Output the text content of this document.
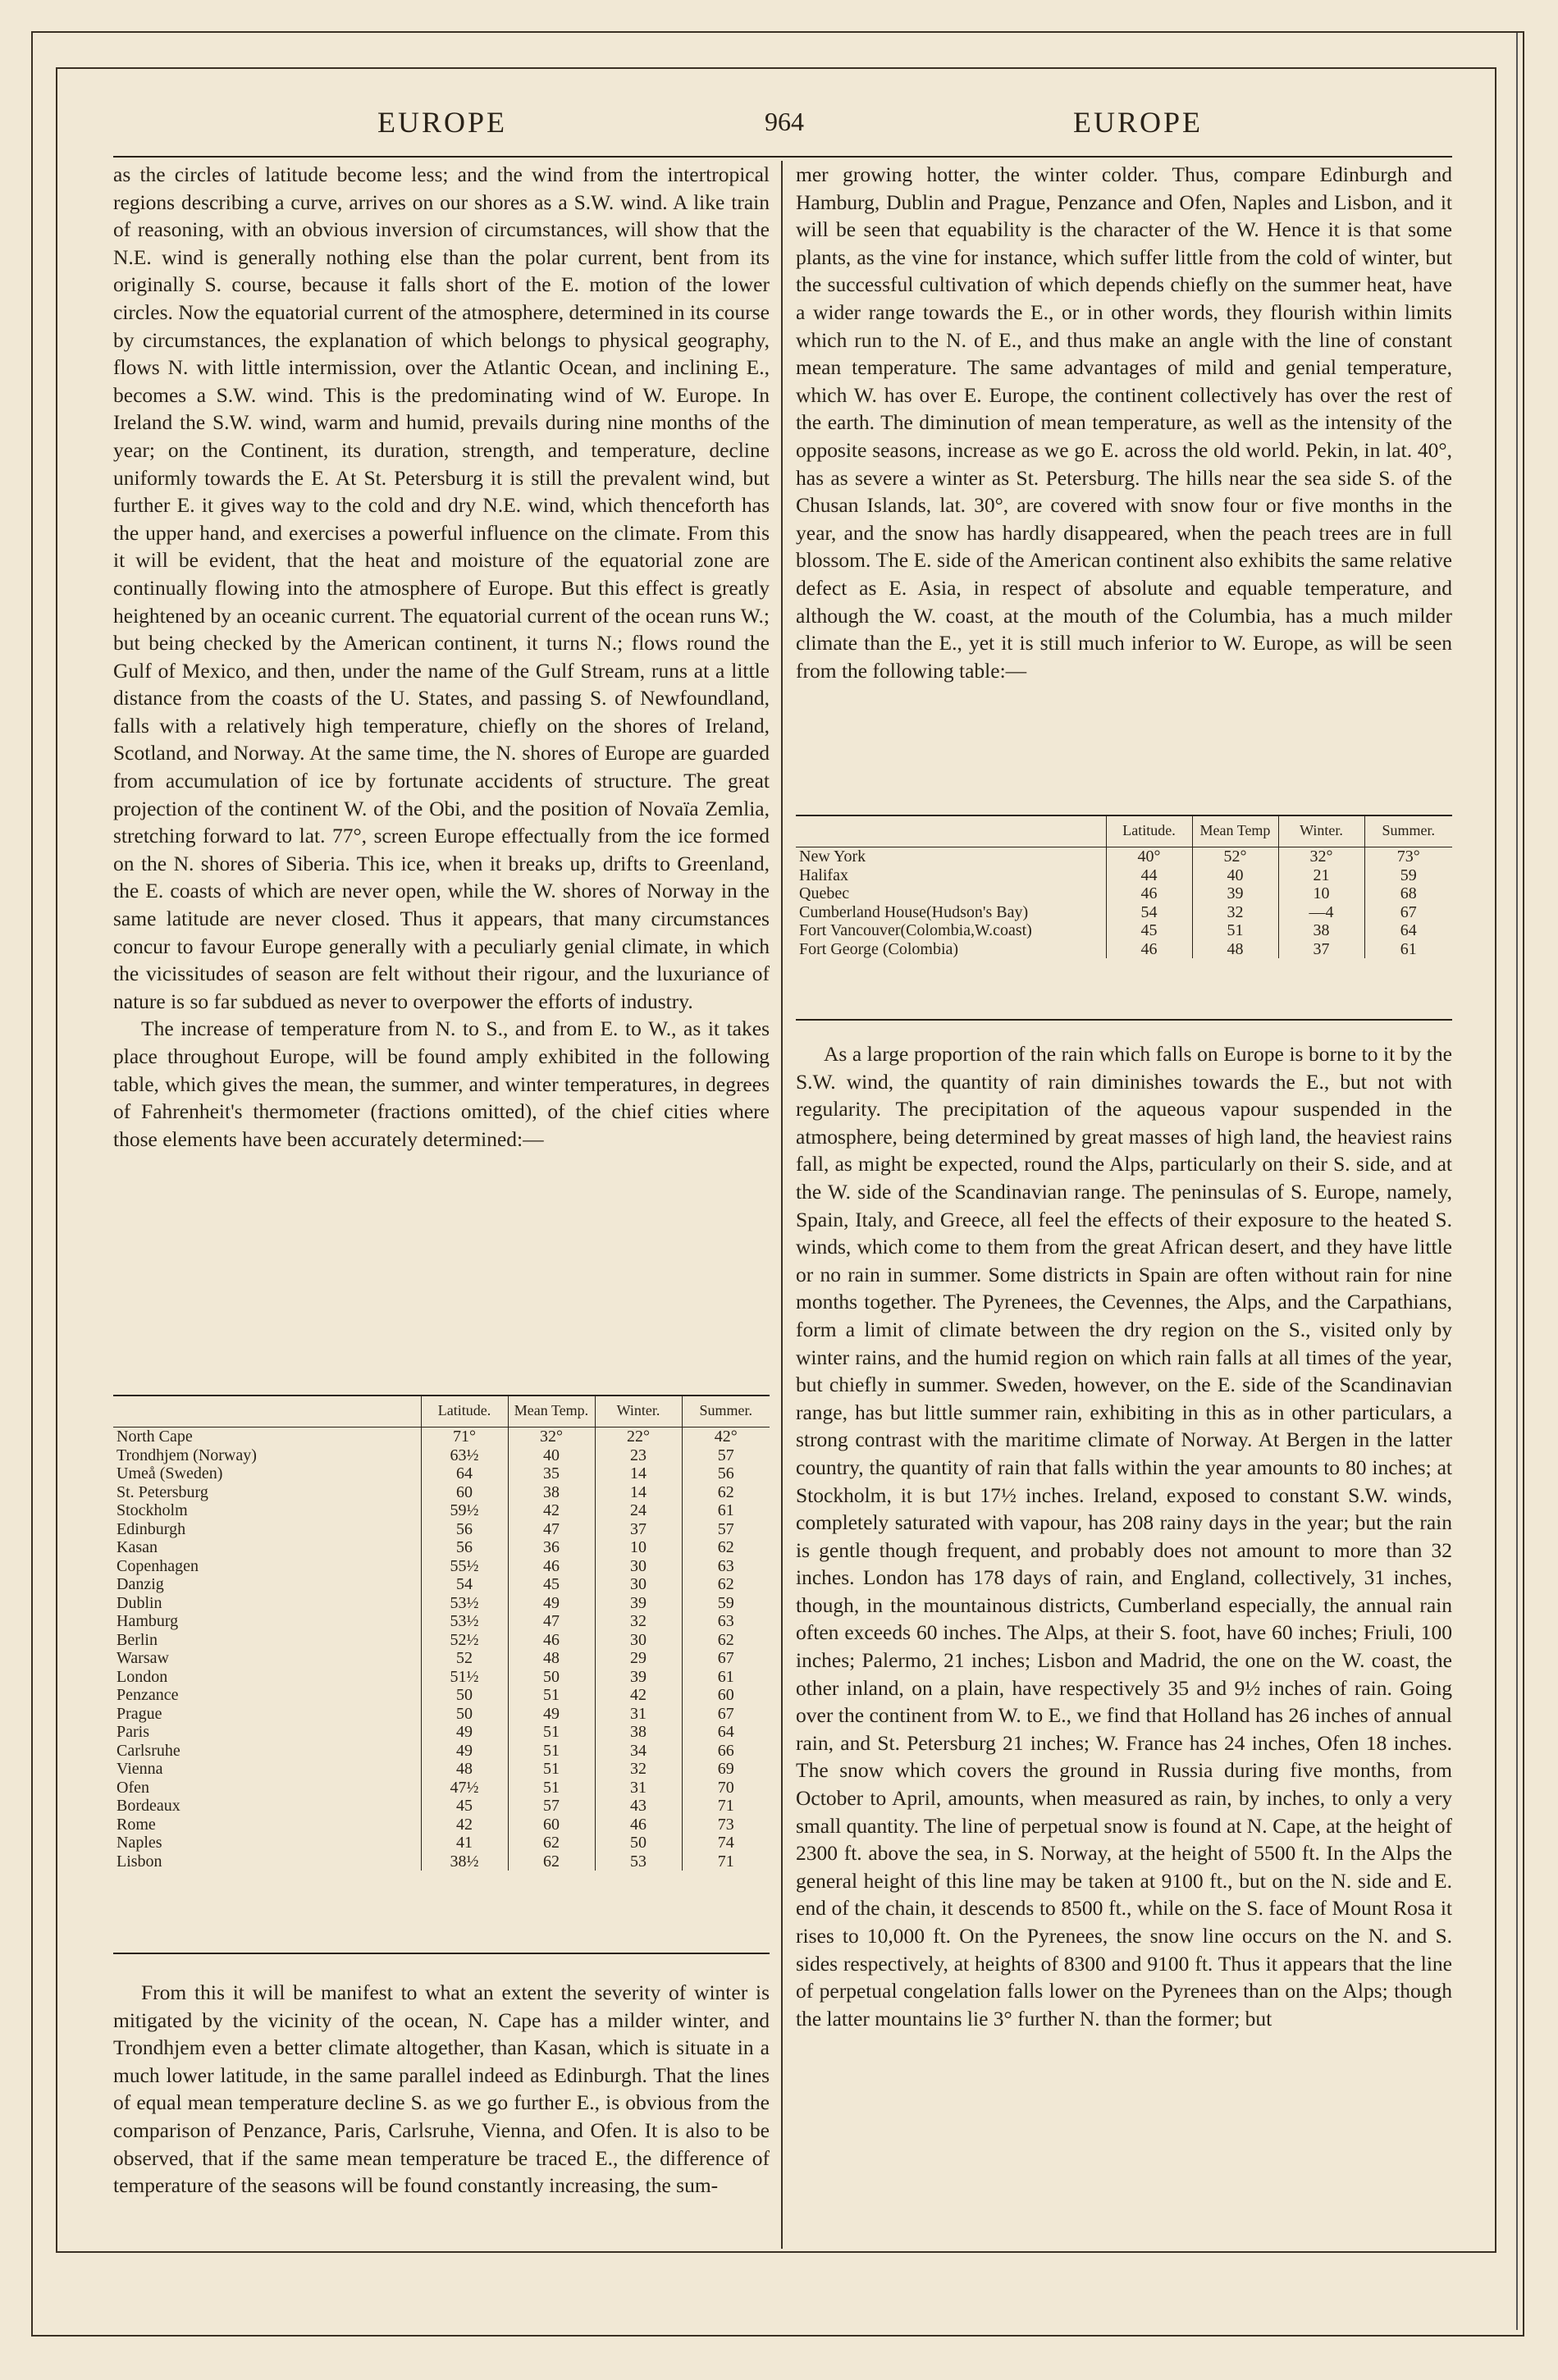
EUROPE	964	EUROPE

as the circles of latitude become less; and the wind from the intertropical regions describing a curve, arrives on our shores as a S.W. wind. A like train of reasoning, with an obvious inversion of circumstances, will show that the N.E. wind is generally nothing else than the polar current, bent from its originally S. course, because it falls short of the E. motion of the lower circles. Now the equatorial current of the atmosphere, determined in its course by circumstances, the explanation of which belongs to physical geography, flows N. with little intermission, over the Atlantic Ocean, and inclining E., becomes a S.W. wind. This is the predominating wind of W. Europe. In Ireland the S.W. wind, warm and humid, prevails during nine months of the year; on the Continent, its duration, strength, and temperature, decline uniformly towards the E. At St. Petersburg it is still the prevalent wind, but further E. it gives way to the cold and dry N.E. wind, which thenceforth has the upper hand, and exercises a powerful influence on the climate. From this it will be evident, that the heat and moisture of the equatorial zone are continually flowing into the atmosphere of Europe. But this effect is greatly heightened by an oceanic current. The equatorial current of the ocean runs W.; but being checked by the American continent, it turns N.; flows round the Gulf of Mexico, and then, under the name of the Gulf Stream, runs at a little distance from the coasts of the U. States, and passing S. of Newfoundland, falls with a relatively high temperature, chiefly on the shores of Ireland, Scotland, and Norway. At the same time, the N. shores of Europe are guarded from accumulation of ice by fortunate accidents of structure. The great projection of the continent W. of the Obi, and the position of Novaïa Zemlia, stretching forward to lat. 77°, screen Europe effectually from the ice formed on the N. shores of Siberia. This ice, when it breaks up, drifts to Greenland, the E. coasts of which are never open, while the W. shores of Norway in the same latitude are never closed. Thus it appears, that many circumstances concur to favour Europe generally with a peculiarly genial climate, in which the vicissitudes of season are felt without their rigour, and the luxuriance of nature is so far subdued as never to overpower the efforts of industry.

The increase of temperature from N. to S., and from E. to W., as it takes place throughout Europe, will be found amply exhibited in the following table, which gives the mean, the summer, and winter temperatures, in degrees of Fahrenheit's thermometer (fractions omitted), of the chief cities where those elements have been accurately determined:—

	Latitude.	Mean Temp.	Winter.	Summer.
North Cape	71°	32°	22°	42°
Trondhjem (Norway)	63½	40	23	57
Umeå (Sweden)	64	35	14	56
St. Petersburg	60	38	14	62
Stockholm	59½	42	24	61
Edinburgh	56	47	37	57
Kasan	56	36	10	62
Copenhagen	55½	46	30	63
Danzig	54	45	30	62
Dublin	53½	49	39	59
Hamburg	53½	47	32	63
Berlin	52½	46	30	62
Warsaw	52	48	29	67
London	51½	50	39	61
Penzance	50	51	42	60
Prague	50	49	31	67
Paris	49	51	38	64
Carlsruhe	49	51	34	66
Vienna	48	51	32	69
Ofen	47½	51	31	70
Bordeaux	45	57	43	71
Rome	42	60	46	73
Naples	41	62	50	74
Lisbon	38½	62	53	71

From this it will be manifest to what an extent the severity of winter is mitigated by the vicinity of the ocean, N. Cape has a milder winter, and Trondhjem even a better climate altogether, than Kasan, which is situate in a much lower latitude, in the same parallel indeed as Edinburgh. That the lines of equal mean temperature decline S. as we go further E., is obvious from the comparison of Penzance, Paris, Carlsruhe, Vienna, and Ofen. It is also to be observed, that if the same mean temperature be traced E., the difference of temperature of the seasons will be found constantly increasing, the sum-

mer growing hotter, the winter colder. Thus, compare Edinburgh and Hamburg, Dublin and Prague, Penzance and Ofen, Naples and Lisbon, and it will be seen that equability is the character of the W. Hence it is that some plants, as the vine for instance, which suffer little from the cold of winter, but the successful cultivation of which depends chiefly on the summer heat, have a wider range towards the E., or in other words, they flourish within limits which run to the N. of E., and thus make an angle with the line of constant mean temperature. The same advantages of mild and genial temperature, which W. has over E. Europe, the continent collectively has over the rest of the earth. The diminution of mean temperature, as well as the intensity of the opposite seasons, increase as we go E. across the old world. Pekin, in lat. 40°, has as severe a winter as St. Petersburg. The hills near the sea side S. of the Chusan Islands, lat. 30°, are covered with snow four or five months in the year, and the snow has hardly disappeared, when the peach trees are in full blossom. The E. side of the American continent also exhibits the same relative defect as E. Asia, in respect of absolute and equable temperature, and although the W. coast, at the mouth of the Columbia, has a much milder climate than the E., yet it is still much inferior to W. Europe, as will be seen from the following table:—

	Latitude.	Mean Temp	Winter.	Summer.
New York	40°	52°	32°	73°
Halifax	44	40	21	59
Quebec	46	39	10	68
Cumberland House(Hudson's Bay)	54	32	—4	67
Fort Vancouver(Colombia,W.coast)	45	51	38	64
Fort George (Colombia)	46	48	37	61

As a large proportion of the rain which falls on Europe is borne to it by the S.W. wind, the quantity of rain diminishes towards the E., but not with regularity. The precipitation of the aqueous vapour suspended in the atmosphere, being determined by great masses of high land, the heaviest rains fall, as might be expected, round the Alps, particularly on their S. side, and at the W. side of the Scandinavian range. The peninsulas of S. Europe, namely, Spain, Italy, and Greece, all feel the effects of their exposure to the heated S. winds, which come to them from the great African desert, and they have little or no rain in summer. Some districts in Spain are often without rain for nine months together. The Pyrenees, the Cevennes, the Alps, and the Carpathians, form a limit of climate between the dry region on the S., visited only by winter rains, and the humid region on which rain falls at all times of the year, but chiefly in summer. Sweden, however, on the E. side of the Scandinavian range, has but little summer rain, exhibiting in this as in other particulars, a strong contrast with the maritime climate of Norway. At Bergen in the latter country, the quantity of rain that falls within the year amounts to 80 inches; at Stockholm, it is but 17½ inches. Ireland, exposed to constant S.W. winds, completely saturated with vapour, has 208 rainy days in the year; but the rain is gentle though frequent, and probably does not amount to more than 32 inches. London has 178 days of rain, and England, collectively, 31 inches, though, in the mountainous districts, Cumberland especially, the annual rain often exceeds 60 inches. The Alps, at their S. foot, have 60 inches; Friuli, 100 inches; Palermo, 21 inches; Lisbon and Madrid, the one on the W. coast, the other inland, on a plain, have respectively 35 and 9½ inches of rain. Going over the continent from W. to E., we find that Holland has 26 inches of annual rain, and St. Petersburg 21 inches; W. France has 24 inches, Ofen 18 inches. The snow which covers the ground in Russia during five months, from October to April, amounts, when measured as rain, by inches, to only a very small quantity. The line of perpetual snow is found at N. Cape, at the height of 2300 ft. above the sea, in S. Norway, at the height of 5500 ft. In the Alps the general height of this line may be taken at 9100 ft., but on the N. side and E. end of the chain, it descends to 8500 ft., while on the S. face of Mount Rosa it rises to 10,000 ft. On the Pyrenees, the snow line occurs on the N. and S. sides respectively, at heights of 8300 and 9100 ft. Thus it appears that the line of perpetual congelation falls lower on the Pyrenees than on the Alps; though the latter mountains lie 3° further N. than the former; but
